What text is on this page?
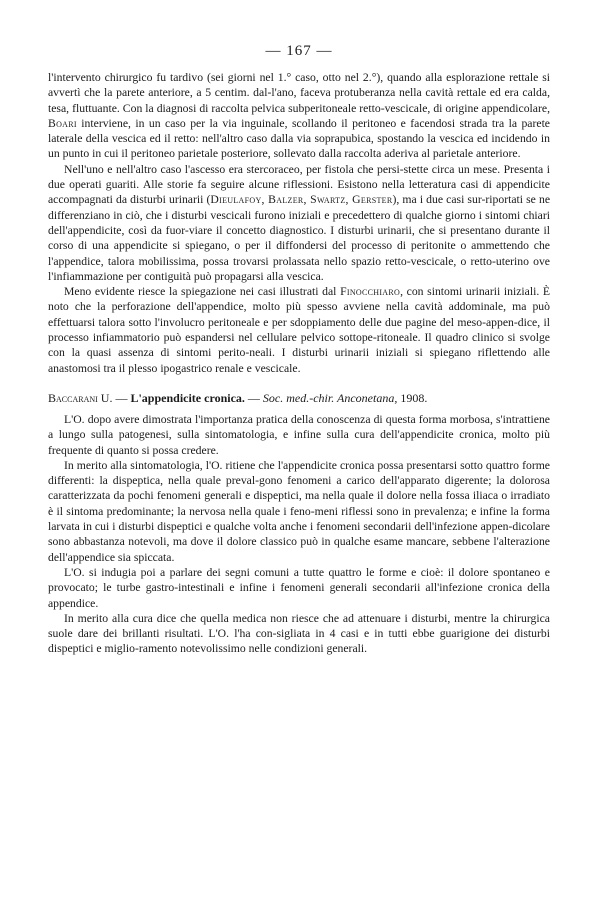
— 167 —

l'intervento chirurgico fu tardivo (sei giorni nel 1.° caso, otto nel 2.°), quando alla esplorazione rettale si avvertì che la parete anteriore, a 5 centim. dal-l'ano, faceva protuberanza nella cavità rettale ed era calda, tesa, fluttuante. Con la diagnosi di raccolta pelvica subperitoneale retto-vescicale, di origine appendicolare, Boari interviene, in un caso per la via inguinale, scollando il peritoneo e facendosi strada tra la parete laterale della vescica ed il retto: nell'altro caso dalla via soprapubica, spostando la vescica ed incidendo in un punto in cui il peritoneo parietale posteriore, sollevato dalla raccolta aderiva al parietale anteriore.

Nell'uno e nell'altro caso l'ascesso era stercoraceo, per fistola che persi-stette circa un mese. Presenta i due operati guariti. Alle storie fa seguire alcune riflessioni. Esistono nella letteratura casi di appendicite accompagnati da disturbi urinarii (Dieulafoy, Balzer, Swartz, Gerster), ma i due casi sur-riportati se ne differenziano in ciò, che i disturbi vescicali furono iniziali e precedettero di qualche giorno i sintomi chiari dell'appendicite, così da fuor-viare il concetto diagnostico. I disturbi urinarii, che si presentano durante il corso di una appendicite si spiegano, o per il diffondersi del processo di peritonite o ammettendo che l'appendice, talora mobilissima, possa trovarsi prolassata nello spazio retto-vescicale, o retto-uterino ove l'infiammazione per contiguità può propagarsi alla vescica.

Meno evidente riesce la spiegazione nei casi illustrati dal Finocchiaro, con sintomi urinarii iniziali. È noto che la perforazione dell'appendice, molto più spesso avviene nella cavità addominale, ma può effettuarsi talora sotto l'involucro peritoneale e per sdoppiamento delle due pagine del meso-appen-dice, il processo infiammatorio può espandersi nel cellulare pelvico sottope-ritoneale. Il quadro clinico si svolge con la quasi assenza di sintomi perito-neali. I disturbi urinarii iniziali si spiegano riflettendo alle anastomosi tra il plesso ipogastrico renale e vescicale.

Baccarani U. — L'appendicite cronica. — Soc. med.-chir. Anconetana, 1908.

L'O. dopo avere dimostrata l'importanza pratica della conoscenza di questa forma morbosa, s'intrattiene a lungo sulla patogenesi, sulla sintomatologia, e infine sulla cura dell'appendicite cronica, molto più frequente di quanto si possa credere.

In merito alla sintomatologia, l'O. ritiene che l'appendicite cronica possa presentarsi sotto quattro forme differenti: la dispeptica, nella quale preval-gono fenomeni a carico dell'apparato digerente; la dolorosa caratterizzata da pochi fenomeni generali e dispeptici, ma nella quale il dolore nella fossa iliaca o irradiato è il sintoma predominante; la nervosa nella quale i feno-meni riflessi sono in prevalenza; e infine la forma larvata in cui i disturbi dispeptici e qualche volta anche i fenomeni secondarii dell'infezione appen-dicolare sono abbastanza notevoli, ma dove il dolore classico può in qualche esame mancare, sebbene l'alterazione dell'appendice sia spiccata.

L'O. si indugia poi a parlare dei segni comuni a tutte quattro le forme e cioè: il dolore spontaneo e provocato; le turbe gastro-intestinali e infine i fenomeni generali secondarii all'infezione cronica della appendice.

In merito alla cura dice che quella medica non riesce che ad attenuare i disturbi, mentre la chirurgica suole dare dei brillanti risultati. L'O. l'ha con-sigliata in 4 casi e in tutti ebbe guarigione dei disturbi dispeptici e miglio-ramento notevolissimo nelle condizioni generali.
